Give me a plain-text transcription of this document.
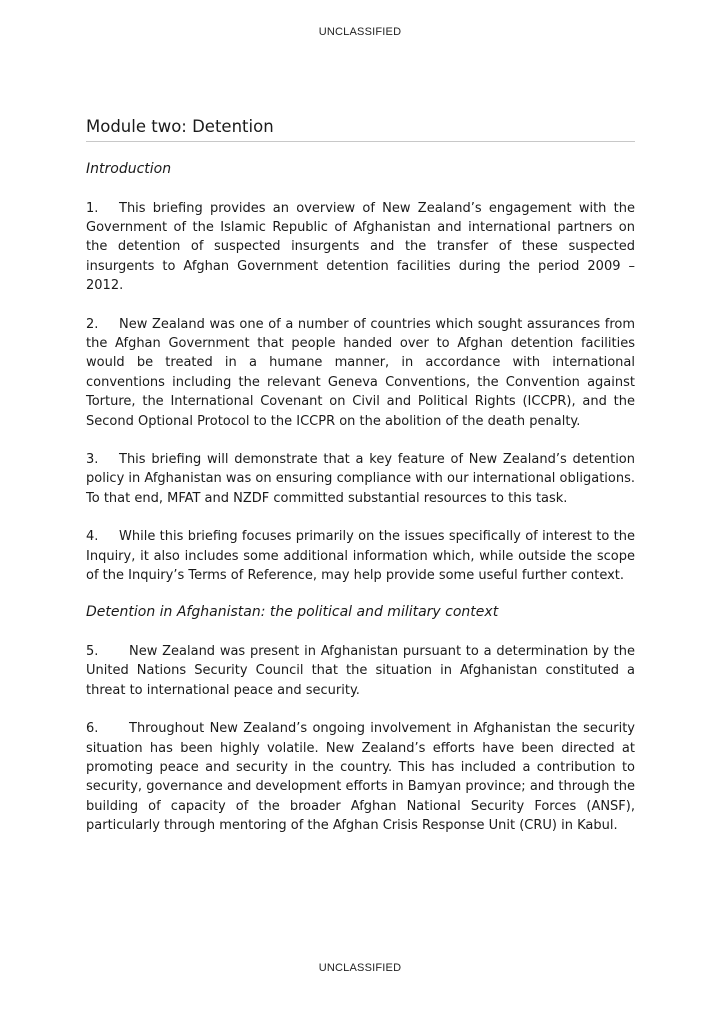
UNCLASSIFIED
Module two: Detention

Introduction

1. This briefing provides an overview of New Zealand’s engagement with the Government of the Islamic Republic of Afghanistan and international partners on the detention of suspected insurgents and the transfer of these suspected insurgents to Afghan Government detention facilities during the period 2009 – 2012.

2. New Zealand was one of a number of countries which sought assurances from the Afghan Government that people handed over to Afghan detention facilities would be treated in a humane manner, in accordance with international conventions including the relevant Geneva Conventions, the Convention against Torture, the International Covenant on Civil and Political Rights (ICCPR), and the Second Optional Protocol to the ICCPR on the abolition of the death penalty.

3. This briefing will demonstrate that a key feature of New Zealand’s detention policy in Afghanistan was on ensuring compliance with our international obligations. To that end, MFAT and NZDF committed substantial resources to this task.

4. While this briefing focuses primarily on the issues specifically of interest to the Inquiry, it also includes some additional information which, while outside the scope of the Inquiry’s Terms of Reference, may help provide some useful further context.

Detention in Afghanistan: the political and military context

5. New Zealand was present in Afghanistan pursuant to a determination by the United Nations Security Council that the situation in Afghanistan constituted a threat to international peace and security.

6. Throughout New Zealand’s ongoing involvement in Afghanistan the security situation has been highly volatile. New Zealand’s efforts have been directed at promoting peace and security in the country. This has included a contribution to security, governance and development efforts in Bamyan province; and through the building of capacity of the broader Afghan National Security Forces (ANSF), particularly through mentoring of the Afghan Crisis Response Unit (CRU) in Kabul.

UNCLASSIFIED
